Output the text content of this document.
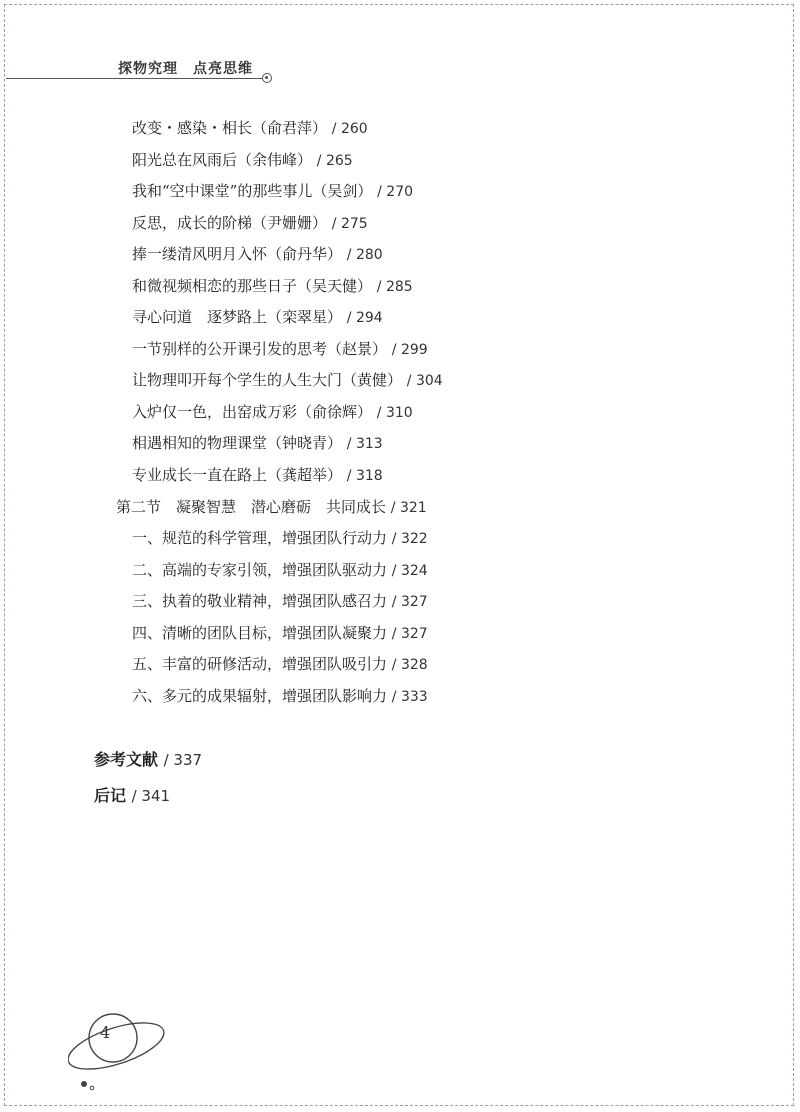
探物究理　点亮思维
改变・感染・相长（俞君萍） / 260
阳光总在风雨后（余伟峰） / 265
我和“空中课堂”的那些事儿（吴剑） / 270
反思，成长的阶梯（尹姗姗） / 275
捧一缕清风明月入怀（俞丹华） / 280
和微视频相恋的那些日子（吴天健） / 285
寻心问道　逐梦路上（栾翠星） / 294
一节别样的公开课引发的思考（赵景） / 299
让物理叩开每个学生的人生大门（黄健） / 304
入炉仅一色，出窑成万彩（俞徐辉） / 310
相遇相知的物理课堂（钟晓青） / 313
专业成长一直在路上（龚超举） / 318
第二节　凝聚智慧　潜心磨砺　共同成长 / 321
一、规范的科学管理，增强团队行动力 / 322
二、高端的专家引领，增强团队驱动力 / 324
三、执着的敬业精神，增强团队感召力 / 327
四、清晰的团队目标，增强团队凝聚力 / 327
五、丰富的研修活动，增强团队吸引力 / 328
六、多元的成果辐射，增强团队影响力 / 333
参考文献 / 337
后记 / 341
4
